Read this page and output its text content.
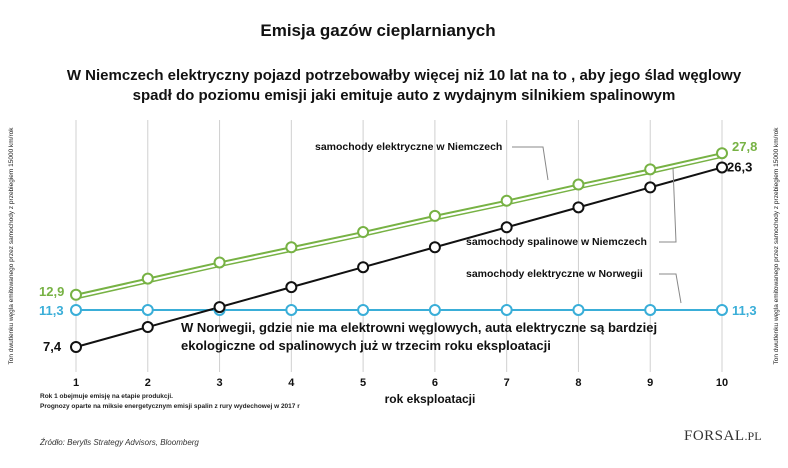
Emisja gazów cieplarnianych
W Niemczech elektryczny pojazd potrzebowałby więcej niż 10 lat na to , aby jego ślad węglowy
spadł do poziomu emisji jaki emituje auto z wydajnym silnikiem spalinowym
Ton dwutlenku węgla emitowanego przez samochody z przebiegiem 15000 km/rok	Ton dwutlenku węgla emitowanego przez samochody z przebiegiem 15000 km/rok
samochody elektryczne w Niemczech
samochody spalinowe w Niemczech
samochody elektryczne w Norwegii
12,9
27,8
7,4
26,3
11,3	11,3
1	2	3	4	5	6	7	8	9	10
W Norwegii, gdzie nie ma elektrowni węglowych, auta elektryczne są bardziej
ekologiczne od spalinowych już w trzecim roku eksploatacji
rok eksploatacji
Rok 1 obejmuje emisję na etapie produkcji.
Prognozy oparte na miksie energetycznym emisji spalin z rury wydechowej w 2017 r
Źródło: Berylls Strategy Advisors, Bloomberg	FORSAL.PL
